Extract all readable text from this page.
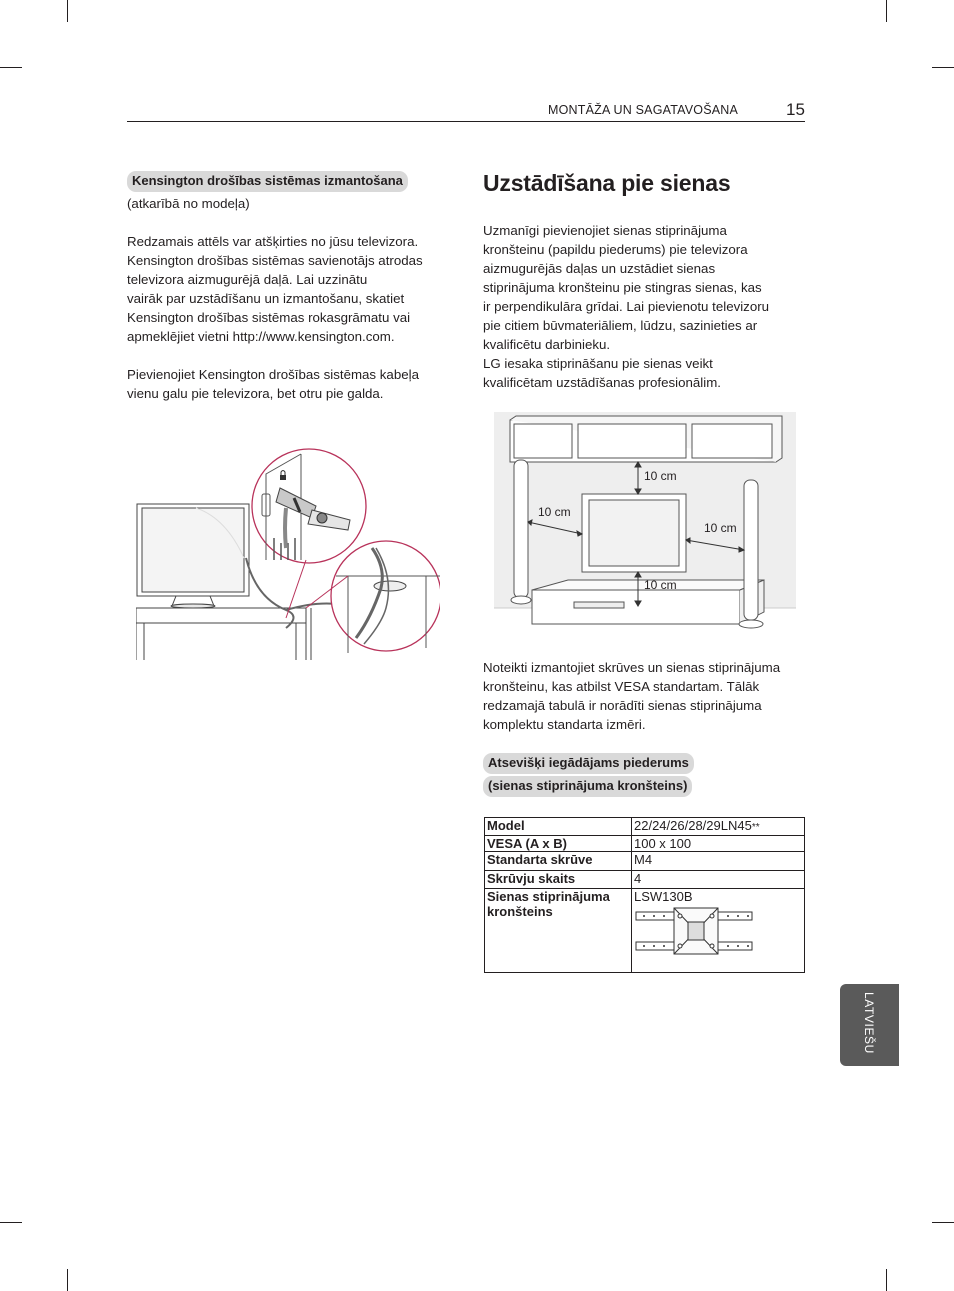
MONTĀŽA UN SAGATAVOŠANA	15
Kensington drošības sistēmas izmantošana

(atkarībā no modeļa)

Redzamais attēls var atšķirties no jūsu televizora.

Kensington drošības sistēmas savienotājs atrodas

televizora aizmugurējā daļā. Lai uzzinātu

vairāk par uzstādīšanu un izmantošanu, skatiet

Kensington drošības sistēmas rokasgrāmatu vai

apmeklējiet vietni http://www.kensington.com.

Pievienojiet Kensington drošības sistēmas kabeļa

vienu galu pie televizora, bet otru pie galda.

Uzstādīšana pie sienas

Uzmanīgi pievienojiet sienas stiprinājuma

kronšteinu (papildu piederums) pie televizora

aizmugurējās daļas un uzstādiet sienas

stiprinājuma kronšteinu pie stingras sienas, kas

ir perpendikulāra grīdai. Lai pievienotu televizoru

pie citiem būvmateriāliem, lūdzu, sazinieties ar

kvalificētu darbinieku.

LG iesaka stiprināšanu pie sienas veikt

kvalificētam uzstādīšanas profesionālim.

10 cm
10 cm
10 cm
10 cm

Noteikti izmantojiet skrūves un sienas stiprinājuma

kronšteinu, kas atbilst VESA standartam. Tālāk

redzamajā tabulā ir norādīti sienas stiprinājuma

komplektu standarta izmēri.

Atsevišķi iegādājams piederums
(sienas stiprinājuma kronšteins)
Model	22/24/26/28/29LN45**
VESA (A x B)	100 x 100
Standarta skrūve	M4
Skrūvju skaits	4
Sienas stiprinājuma kronšteins	LSW130B
LATVIEŠU
